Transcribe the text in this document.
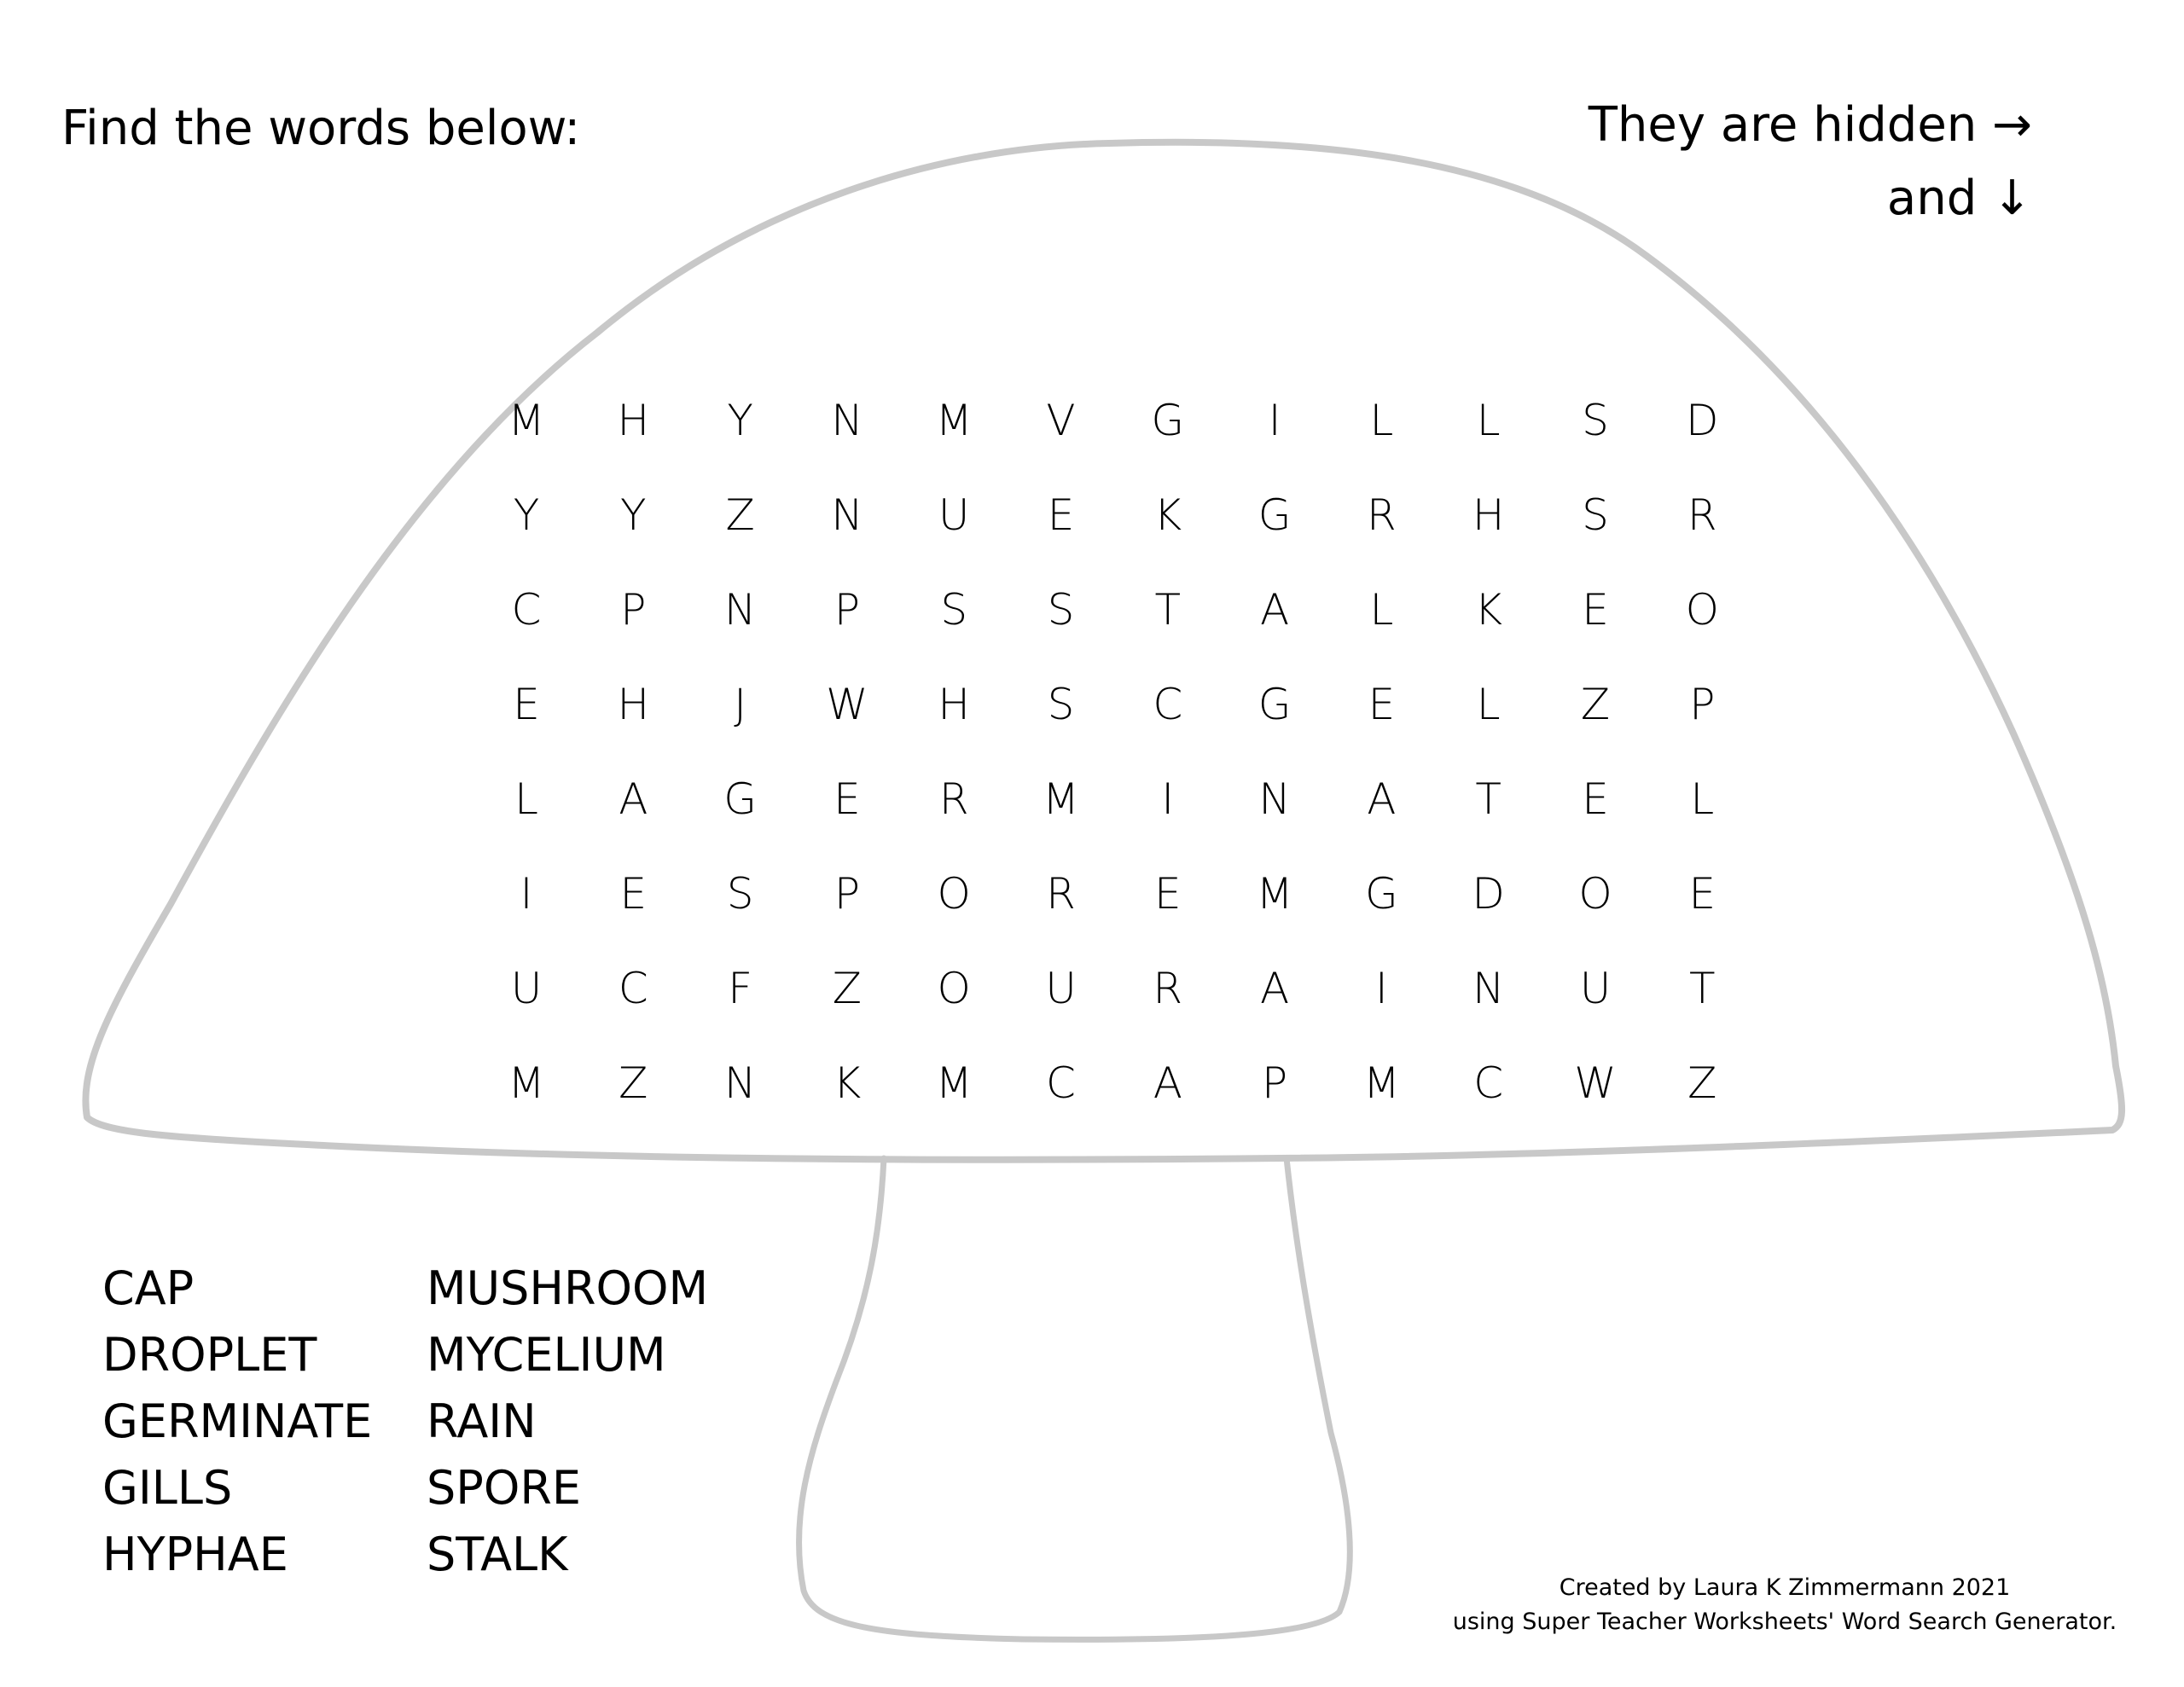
Find the words below:	They are hidden →
and ↓
M	H	Y	N	M	V	G	I	L	L	S	D
Y	Y	Z	N	U	E	K	G	R	H	S	R
C	P	N	P	S	S	T	A	L	K	E	O
E	H	J	W	H	S	C	G	E	L	Z	P
L	A	G	E	R	M	I	N	A	T	E	L
I	E	S	P	O	R	E	M	G	D	O	E
U	C	F	Z	O	U	R	A	I	N	U	T
M	Z	N	K	M	C	A	P	M	C	W	Z
CAP
DROPLET
GERMINATE
GILLS
HYPHAE
MUSHROOM
MYCELIUM
RAIN
SPORE
STALK
Created by Laura K Zimmermann 2021
using Super Teacher Worksheets' Word Search Generator.
